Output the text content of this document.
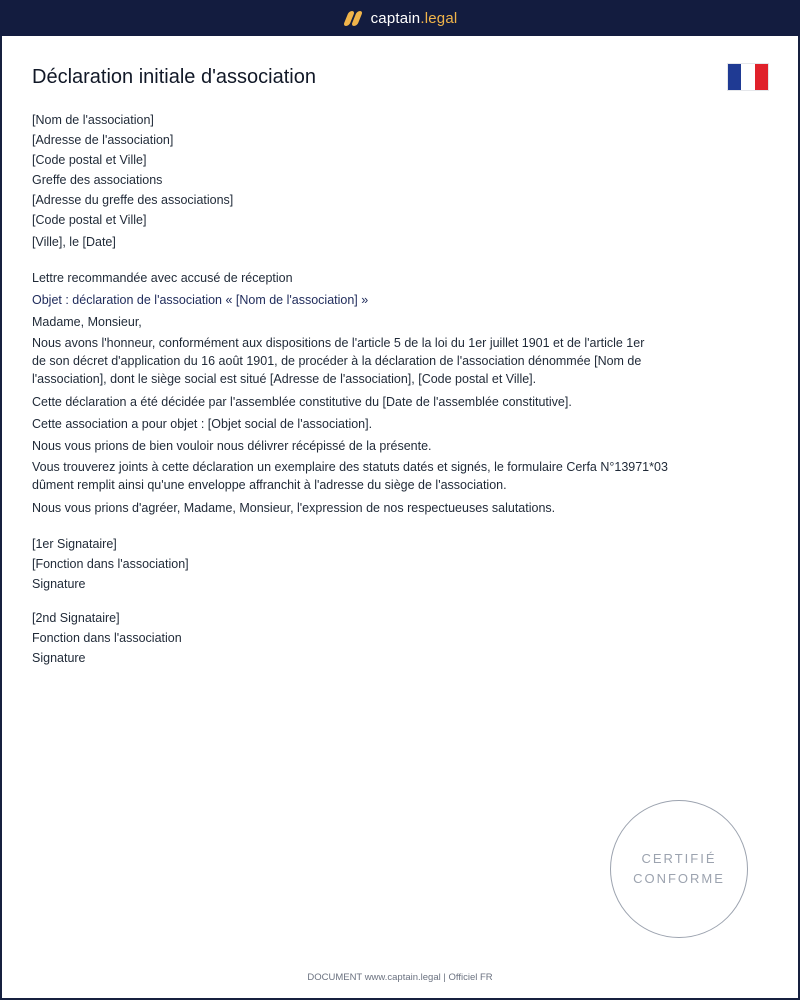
captain.legal
Déclaration initiale d'association
[Nom de l'association]
[Adresse de l'association]
[Code postal et Ville]
Greffe des associations
[Adresse du greffe des associations]
[Code postal et Ville]
[Ville], le [Date]
Lettre recommandée avec accusé de réception
Objet : déclaration de l'association « [Nom de l'association] »
Madame, Monsieur,
Nous avons l'honneur, conformément aux dispositions de l'article 5 de la loi du 1er juillet 1901 et de l'article 1er
de son décret d'application du 16 août 1901, de procéder à la déclaration de l'association dénommée [Nom de
l'association], dont le siège social est situé [Adresse de l'association], [Code postal et Ville].
Cette déclaration a été décidée par l'assemblée constitutive du [Date de l'assemblée constitutive].
Cette association a pour objet : [Objet social de l'association].
Nous vous prions de bien vouloir nous délivrer récépissé de la présente.
Vous trouverez joints à cette déclaration un exemplaire des statuts datés et signés, le formulaire Cerfa N°13971*03
dûment remplit ainsi qu'une enveloppe affranchit à l'adresse du siège de l'association.
Nous vous prions d'agréer, Madame, Monsieur, l'expression de nos respectueuses salutations.
[1er Signataire]
[Fonction dans l'association]
Signature
[2nd Signataire]
Fonction dans l'association
Signature
CERTIFIÉ
CONFORME
DOCUMENT www.captain.legal | Officiel FR
